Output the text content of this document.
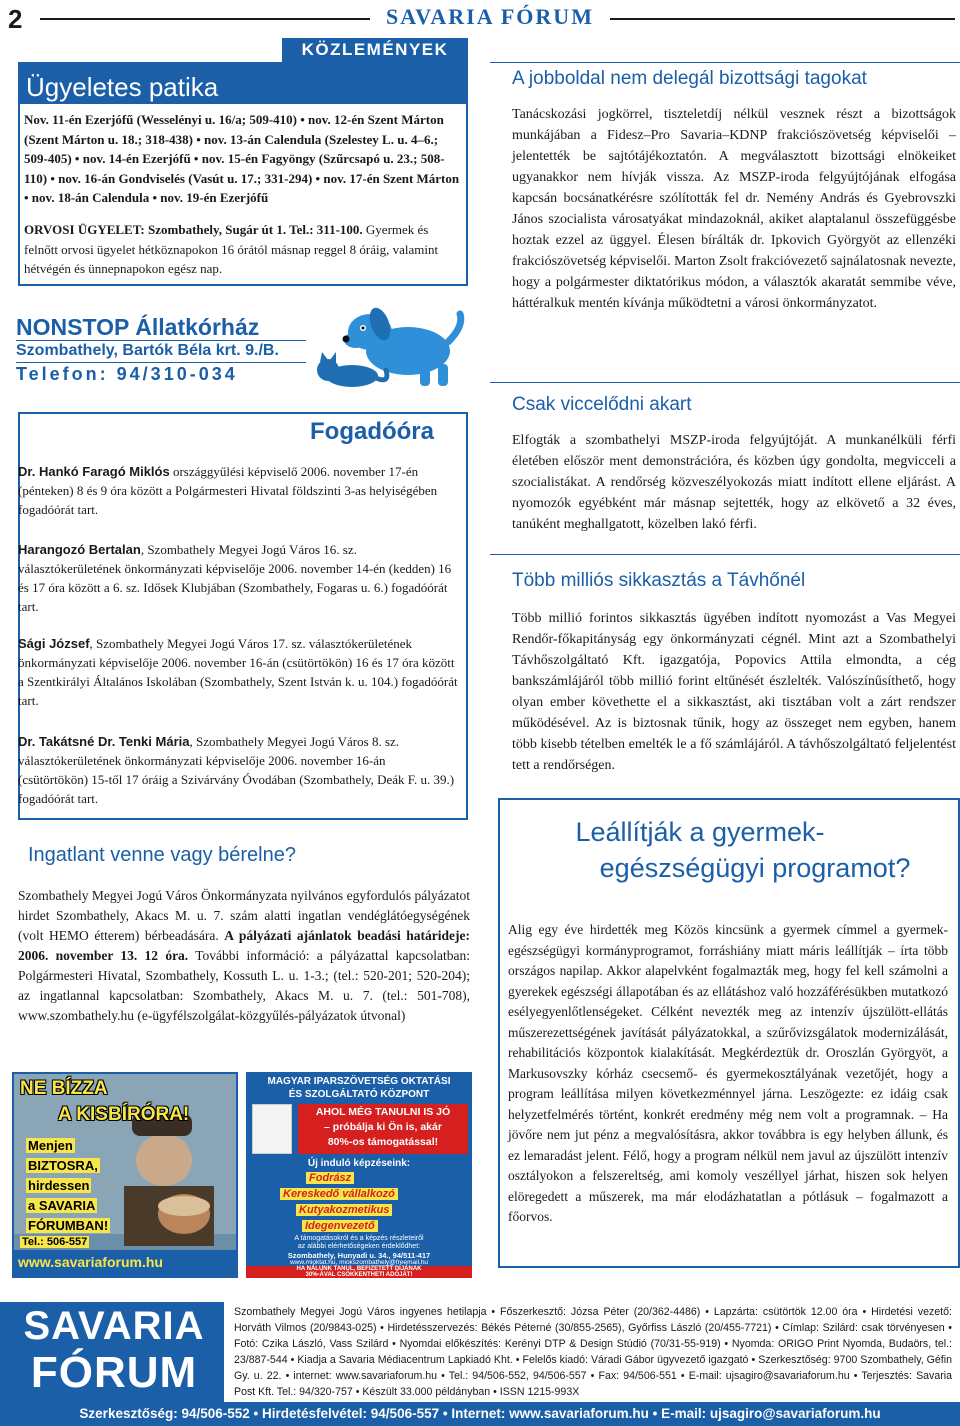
2	SAVARIA FÓRUM
KÖZLEMÉNYEK
Ügyeletes patika
Nov. 11-én Ezerjófű (Wesselényi u. 16/a; 509-410) • nov. 12-én Szent Márton (Szent Márton u. 18.; 318-438) • nov. 13-án Calendula (Szelestey L. u. 4–6.; 509-405) • nov. 14-én Ezerjófű • nov. 15-én Fagyöngy (Szűrcsapó u. 23.; 508-110) • nov. 16-án Gondviselés (Vasút u. 17.; 331-294) • nov. 17-én Szent Márton • nov. 18-án Calendula • nov. 19-én Ezerjófű
ORVOSI ÜGYELET: Szombathely, Sugár út 1. Tel.: 311-100. Gyermek és felnőtt orvosi ügyelet hétköznapokon 16 órától másnap reggel 8 óráig, valamint hétvégén és ünnepnapokon egész nap.
NONSTOP Állatkórház
Szombathely, Bartók Béla krt. 9./B.
Telefon: 94/310-034
Fogadóóra
Dr. Hankó Faragó Miklós országgyűlési képviselő 2006. november 17-én (pénteken) 8 és 9 óra között a Polgármesteri Hivatal földszinti 3-as helyiségében fogadóórát tart.
Harangozó Bertalan, Szombathely Megyei Jogú Város 16. sz. választókerületének önkormányzati képviselője 2006. november 14-én (kedden) 16 és 17 óra között a 6. sz. Idősek Klubjában (Szombathely, Fogaras u. 6.) fogadóórát tart.
Sági József, Szombathely Megyei Jogú Város 17. sz. választókerületének önkormányzati képviselője 2006. november 16-án (csütörtökön) 16 és 17 óra között a Szentkirályi Általános Iskolában (Szombathely, Szent István k. u. 104.) fogadóórát tart.
Dr. Takátsné Dr. Tenki Mária, Szombathely Megyei Jogú Város 8. sz. választókerületének önkormányzati képviselője 2006. november 16-án (csütörtökön) 15-től 17 óráig a Szivárvány Óvodában (Szombathely, Deák F. u. 39.) fogadóórát tart.
Ingatlant venne vagy bérelne?
Szombathely Megyei Jogú Város Önkormányzata nyilvános egyfordulós pályázatot hirdet Szombathely, Akacs M. u. 7. szám alatti ingatlan vendéglátóegységének (volt HEMO étterem) bérbeadására. A pályázati ajánlatok beadási határideje: 2006. november 13. 12 óra. További információ: a pályázattal kapcsolatban: Polgármesteri Hivatal, Szombathely, Kossuth L. u. 1-3.; (tel.: 520-201; 520-204); az ingatlannal kapcsolatban: Szombathely, Akacs M. u. 7. (tel.: 501-708), www.szombathely.hu (e-ügyfélszolgálat-közgyűlés-pályázatok útvonal)
NE BÍZZA
A KISBÍRÓRA!
Menjen
BIZTOSRA,
hirdessen
a SAVARIA
FÓRUMBAN!
Tel.: 506-557
www.savariaforum.hu
MAGYAR IPARSZÖVETSÉG OKTATÁSI
ÉS SZOLGÁLTATÓ KÖZPONT
AHOL MÉG TANULNI IS JÓ
– próbálja ki Ön is, akár
80%-os támogatással!
Új induló képzéseink:
Fodrász
Kereskedő vállalkozó
Kutyakozmetikus
Idegenvezető
A támogatásokról és a képzés részleteiről
az alábbi elérhetőségeken érdeklődhet:
Szombathely, Hunyadi u. 34., 94/511-417
www.mioktat.hu, miokszombathely@freemail.hu
HA NÁLUNK TANUL, BEFIZETETT DÍJÁNAK
30%-ÁVAL CSÖKKENTHETI ADÓJÁT!
A jobboldal nem delegál bizottsági tagokat
Tanácskozási jogkörrel, tiszteletdíj nélkül vesznek részt a bizottságok munkájában a Fidesz–Pro Savaria–KDNP frakciószövetség képviselői – jelentették be sajtótájékoztatón. A megválasztott bizottsági elnökeiket ugyanakkor nem hívják vissza. Az MSZP-iroda felgyújtójának elfogása kapcsán bocsánatkérésre szólították fel dr. Nemény András és Gyebrovszki János szocialista városatyákat mindazoknál, akiket alaptalanul összefüggésbe hoztak ezzel az üggyel. Élesen bírálták dr. Ipkovich Györgyöt az ellenzéki frakciószövetség képviselői. Marton Zsolt frakcióvezető sajnálatosnak nevezte, hogy a polgármester diktatórikus módon, a választók akaratát semmibe véve, háttéralkuk mentén kívánja működtetni a városi önkormányzatot.
Csak viccelődni akart
Elfogták a szombathelyi MSZP-iroda felgyújtóját. A munkanélküli férfi életében először ment demonstrációra, és közben úgy gondolta, megvicceli a szocialistákat. A rendőrség közveszélyokozás miatt indított ellene eljárást. A nyomozók egyébként már másnap sejtették, hogy az elkövető a 32 éves, tanúként meghallgatott, közelben lakó férfi.
Több milliós sikkasztás a Távhőnél
Több millió forintos sikkasztás ügyében indított nyomozást a Vas Megyei Rendőr-főkapitányság egy önkormányzati cégnél. Mint azt a Szombathelyi Távhőszolgáltató Kft. igazgatója, Popovics Attila elmondta, a cég bankszámlájáról több millió forint eltűnését észlelték. Valószínűsíthető, hogy olyan ember követhette el a sikkasztást, aki tisztában volt a zárt rendszer működésével. Az is biztosnak tűnik, hogy az összeget nem egyben, hanem több kisebb tételben emelték le a fő számlájáról. A távhőszolgáltató feljelentést tett a rendőrségen.
Leállítják a gyermek-
egészségügyi programot?
Alig egy éve hirdették meg Közös kincsünk a gyermek címmel a gyermek-egészségügyi kormányprogramot, forráshiány miatt máris leállítják – írta több országos napilap. Akkor alapelvként fogalmazták meg, hogy fel kell számolni a gyerekek egészségi állapotában és az ellátáshoz való hozzáférésükben mutatkozó esélyegyenlőtlenségeket. Célként nevezték meg az intenzív újszülött-ellátás műszerezettségének javítását pályázatokkal, a szűrővizsgálatok modernizálását, rehabilitációs központok kialakítását. Megkérdeztük dr. Oroszlán Györgyöt, a Markusovszky kórház csecsemő- és gyermekosztályának vezetőjét, hogy a program leállítása milyen következménnyel járna. Leszögezte: ez idáig csak helyzetfelmérés történt, konkrét eredmény még nem volt a programnak. – Ha jövőre nem jut pénz a megvalósításra, akkor továbbra is egy helyben állunk, és ez lemaradást jelent. Félő, hogy a program nélkül nem javul az újszülött intenzív osztályokon a felszereltség, ami komoly veszéllyel járhat, hiszen sok helyen elöregedett a műszerek, ma már elodázhatatlan a pótlásuk – fogalmazott a főorvos.
SAVARIA
FÓRUM
Szombathely Megyei Jogú Város ingyenes hetilapja • Főszerkesztő: Józsa Péter (20/362-4486) • Lapzárta: csütörtök 12.00 óra • Hirdetési vezető: Horváth Vilmos (20/9843-025) • Hirdetésszervezés: Békés Péterné (30/855-2565), Győrfiss László (20/455-7721) • Címlap: Szilárd: csak törvényesen • Fotó: Czika László, Vass Szilárd • Nyomdai előkészítés: Kerényi DTP & Design Stúdió (70/31-55-919) • Nyomda: ORIGO Print Nyomda, Budaörs, tel.: 23/887-544 • Kiadja a Savaria Médiacentrum Lapkiadó Kht. • Felelős kiadó: Váradi Gábor ügyvezető igazgató • Szerkesztőség: 9700 Szombathely, Géfin Gy. u. 22. • internet: www.savariaforum.hu • Tel.: 94/506-552, 94/506-557 • Fax: 94/506-551 • E-mail: ujsagiro@savariaforum.hu • Terjesztés: Savaria Post Kft. Tel.: 94/320-757 • Készült 33.000 példányban • ISSN 1215-993X
Szerkesztőség: 94/506-552 • Hirdetésfelvétel: 94/506-557 • Internet: www.savariaforum.hu • E-mail: ujsagiro@savariaforum.hu
